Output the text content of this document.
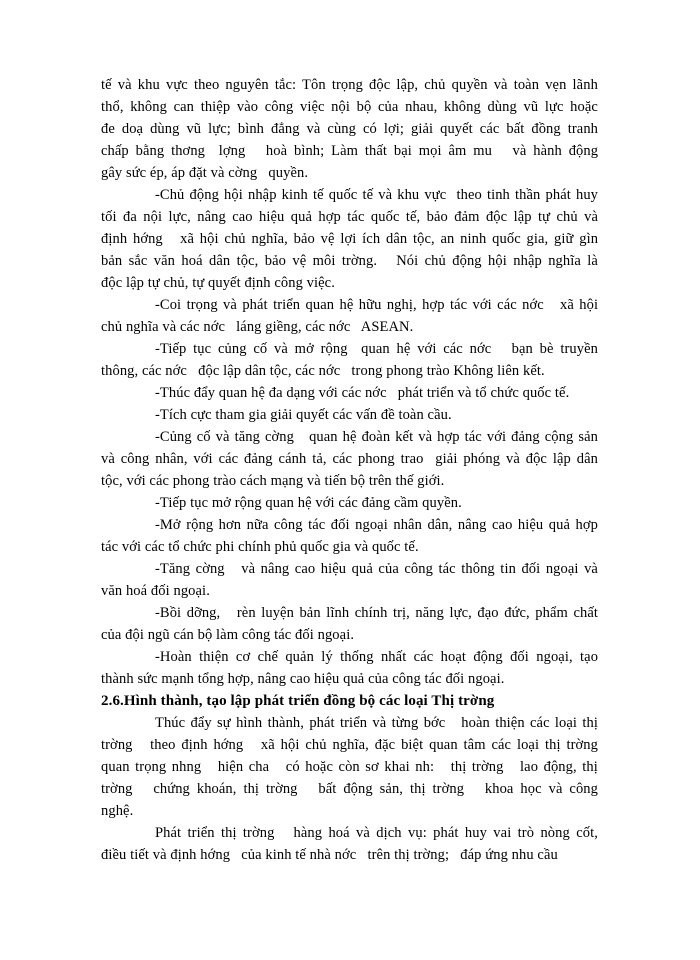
tế và khu vực theo nguyên tắc: Tôn trọng độc lập, chủ quyền và toàn vẹn lãnh
thổ, không can thiệp vào công việc nội bộ của nhau, không dùng vũ lực hoặc
đe doạ dùng vũ lực; bình đẳng và cùng có lợi; giải quyết các bất đồng tranh
chấp bằng thơng  lợng   hoà bình; Làm thất bại mọi âm mu   và hành động
gây sức ép, áp đặt và cờng   quyền.
-Chủ động hội nhập kinh tế quốc tế và khu vực  theo tinh thần phát huy
tối đa nội lực, nâng cao hiệu quả hợp tác quốc tế, bảo đảm độc lập tự chủ và
định hớng   xã hội chủ nghĩa, bảo vệ lợi ích dân tộc, an ninh quốc gia, giữ gìn
bản sắc văn hoá dân tộc, bảo vệ môi trờng.   Nói chủ động hội nhập nghĩa là
độc lập tự chủ, tự quyết định công việc.
-Coi trọng và phát triển quan hệ hữu nghị, hợp tác với các nớc   xã hội
chủ nghĩa và các nớc   láng giềng, các nớc   ASEAN.
-Tiếp tục củng cố và mở rộng  quan hệ với các nớc   bạn bè truyền
thông, các nớc   độc lập dân tộc, các nớc   trong phong trào Không liên kết.
-Thúc đẩy quan hệ đa dạng với các nớc   phát triển và tổ chức quốc tế.
-Tích cực tham gia giải quyết các vấn đề toàn cầu.
-Củng cố và tăng cờng   quan hệ đoàn kết và hợp tác với đảng cộng sản
và công nhân, với các đảng cánh tả, các phong trao  giải phóng và độc lập dân
tộc, với các phong trào cách mạng và tiến bộ trên thế giới.
-Tiếp tục mở rộng quan hệ với các đảng cầm quyền.
-Mở rộng hơn nữa công tác đối ngoại nhân dân, nâng cao hiệu quả hợp
tác với các tổ chức phi chính phủ quốc gia và quốc tế.
-Tăng cờng   và nâng cao hiệu quả của công tác thông tin đối ngoại và
văn hoá đối ngoại.
-Bồi dỡng,   rèn luyện bản lĩnh chính trị, năng lực, đạo đức, phẩm chất
của đội ngũ cán bộ làm công tác đối ngoại.
-Hoàn thiện cơ chế quản lý thống nhất các hoạt động đối ngoại, tạo
thành sức mạnh tổng hợp, nâng cao hiệu quả của công tác đối ngoại.
2.6.Hình thành, tạo lập phát triển đồng bộ các loại Thị trờng
Thúc đẩy sự hình thành, phát triển và từng bớc   hoàn thiện các loại thị
trờng   theo định hớng   xã hội chủ nghĩa, đặc biệt quan tâm các loại thị trờng
quan trọng nhng   hiện cha   có hoặc còn sơ khai nh:   thị trờng   lao động, thị
trờng   chứng khoán, thị trờng   bất động sản, thị trờng   khoa học và công
nghệ.
Phát triển thị trờng   hàng hoá và dịch vụ: phát huy vai trò nòng cốt,
điều tiết và định hớng   của kinh tế nhà nớc   trên thị trờng;   đáp ứng nhu cầu
